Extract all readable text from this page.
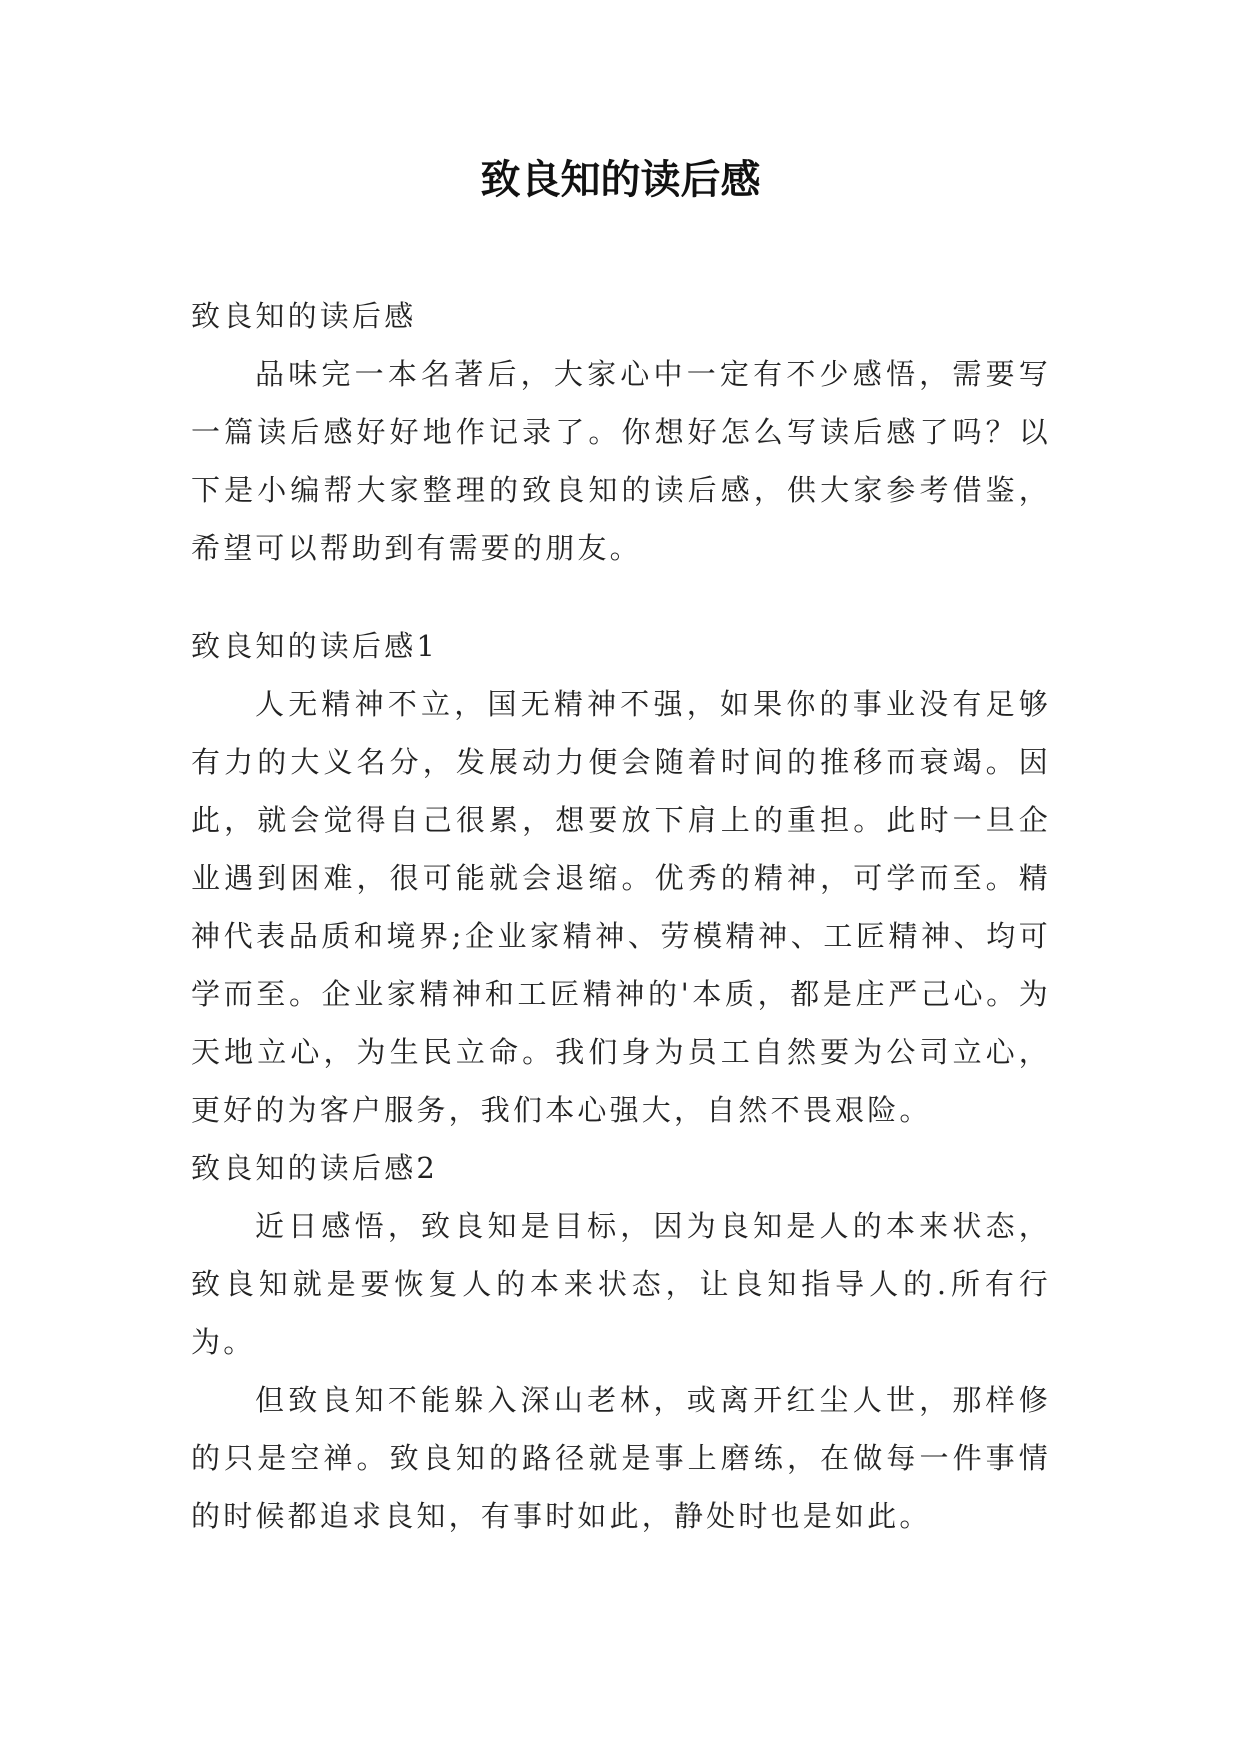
致良知的读后感

致良知的读后感

品味完一本名著后，大家心中一定有不少感悟，需要写一篇读后感好好地作记录了。你想好怎么写读后感了吗？以下是小编帮大家整理的致良知的读后感，供大家参考借鉴，希望可以帮助到有需要的朋友。

致良知的读后感1

人无精神不立，国无精神不强，如果你的事业没有足够有力的大义名分，发展动力便会随着时间的推移而衰竭。因此，就会觉得自己很累，想要放下肩上的重担。此时一旦企业遇到困难，很可能就会退缩。优秀的精神，可学而至。精神代表品质和境界;企业家精神、劳模精神、工匠精神、均可学而至。企业家精神和工匠精神的'本质，都是庄严己心。为天地立心，为生民立命。我们身为员工自然要为公司立心，更好的为客户服务，我们本心强大，自然不畏艰险。

致良知的读后感2

近日感悟，致良知是目标，因为良知是人的本来状态，致良知就是要恢复人的本来状态，让良知指导人的.所有行为。

但致良知不能躲入深山老林，或离开红尘人世，那样修的只是空禅。致良知的路径就是事上磨练，在做每一件事情的时候都追求良知，有事时如此，静处时也是如此。
